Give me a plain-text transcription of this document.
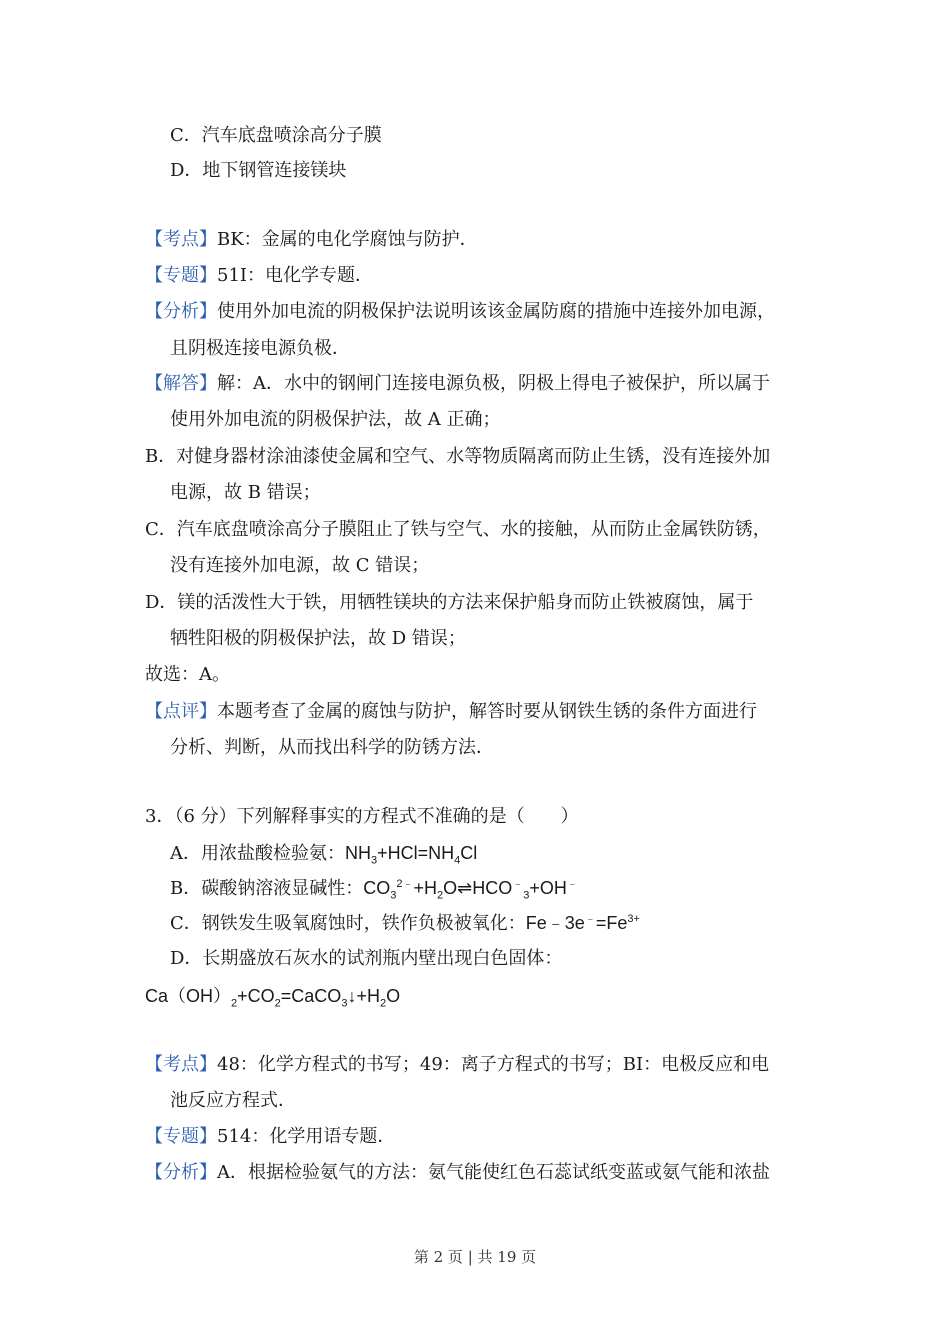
C．汽车底盘喷涂高分子膜
D．地下钢管连接镁块
【考点】BK：金属的电化学腐蚀与防护．
【专题】51I：电化学专题．
【分析】使用外加电流的阴极保护法说明该该金属防腐的措施中连接外加电源，
且阴极连接电源负极．
【解答】解：A．水中的钢闸门连接电源负极，阴极上得电子被保护，所以属于
使用外加电流的阴极保护法，故 A 正确；
B．对健身器材涂油漆使金属和空气、水等物质隔离而防止生锈，没有连接外加
电源，故 B 错误；
C．汽车底盘喷涂高分子膜阻止了铁与空气、水的接触，从而防止金属铁防锈，
没有连接外加电源，故 C 错误；
D．镁的活泼性大于铁，用牺牲镁块的方法来保护船身而防止铁被腐蚀，属于
牺牲阳极的阴极保护法，故 D 错误；
故选：A。
【点评】本题考查了金属的腐蚀与防护，解答时要从钢铁生锈的条件方面进行
分析、判断，从而找出科学的防锈方法．
3．（6 分）下列解释事实的方程式不准确的是（　　）
A．用浓盐酸检验氨：$NH_3+HCl=NH_4Cl$
B．碳酸钠溶液显碱性：$CO_3^{2﹣}+H_2O\rightleftharpoons HCO^﹣_3+OH^﹣$
C．钢铁发生吸氧腐蚀时，铁作负极被氧化：$Fe﹣3e^﹣=Fe^{3+}$
D．长期盛放石灰水的试剂瓶内壁出现白色固体：
$Ca(OH)_2+CO_2=CaCO_3↓+H_2O$
【考点】48：化学方程式的书写；49：离子方程式的书写；BI：电极反应和电
池反应方程式．
【专题】514：化学用语专题．
【分析】A．根据检验氨气的方法：氨气能使红色石蕊试纸变蓝或氨气能和浓盐
第 2 页 | 共 19 页
